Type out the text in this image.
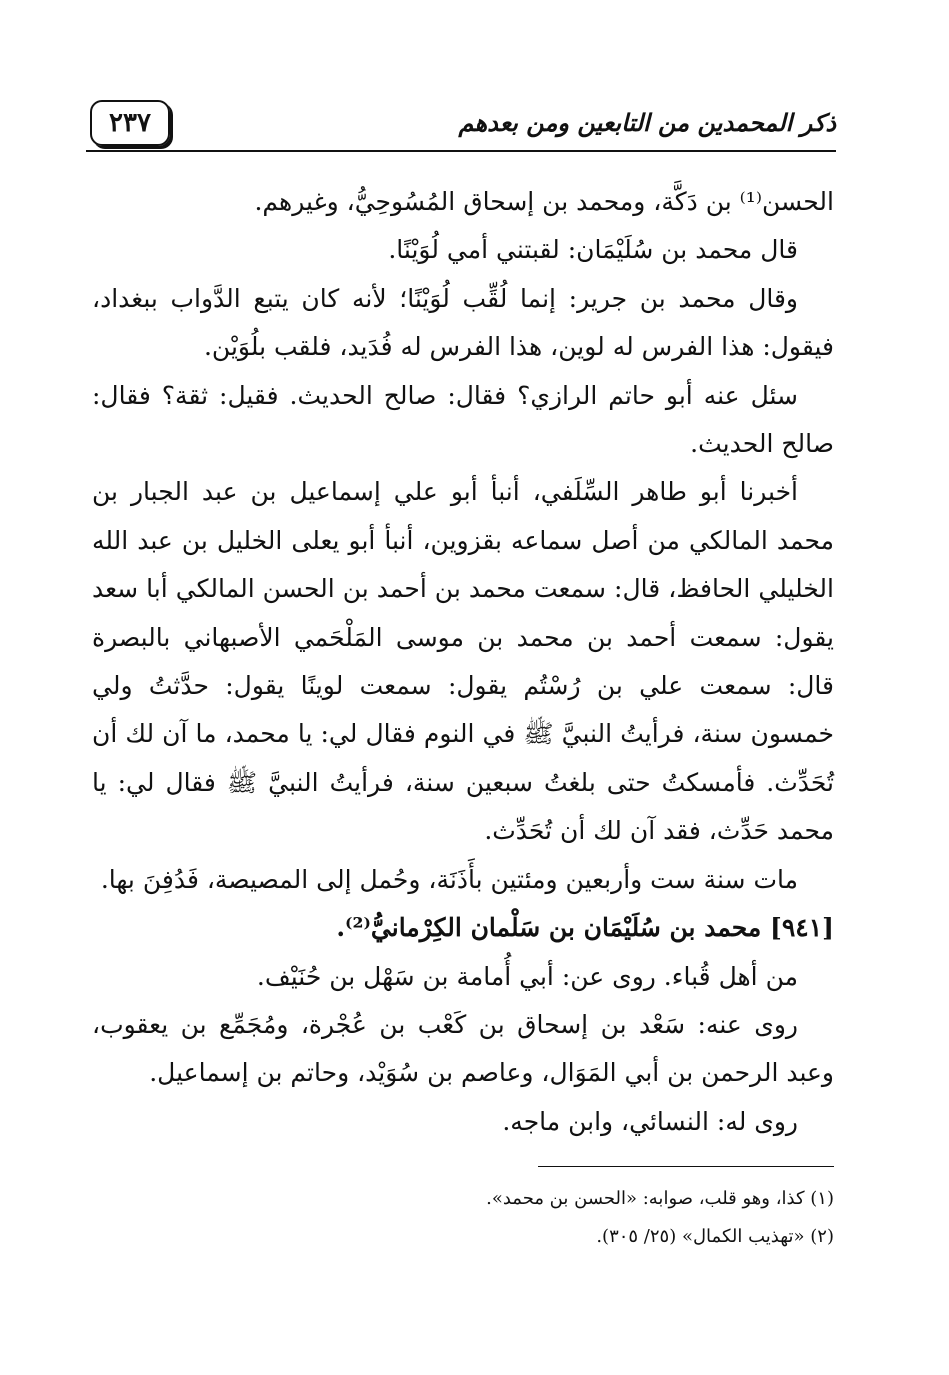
٢٣٧	ذكر المحمدين من التابعين ومن بعدهم

الحسن⁽¹⁾ بن دَكَّة، ومحمد بن إسحاق المُسُوحِيُّ، وغيرهم.

قال محمد بن سُلَيْمَان: لقبتني أمي لُوَيْنًا.

وقال محمد بن جرير: إنما لُقِّب لُوَيْنًا؛ لأنه كان يتبع الدَّواب ببغداد، فيقول: هذا الفرس له لوين، هذا الفرس له فُدَيد، فلقب بلُوَيْن.

سئل عنه أبو حاتم الرازي؟ فقال: صالح الحديث. فقيل: ثقة؟ فقال: صالح الحديث.

أخبرنا أبو طاهر السِّلَفي، أنبأ أبو علي إسماعيل بن عبد الجبار بن محمد المالكي من أصل سماعه بقزوين، أنبأ أبو يعلى الخليل بن عبد الله الخليلي الحافظ، قال: سمعت محمد بن أحمد بن الحسن المالكي أبا سعد يقول: سمعت أحمد بن محمد بن موسى المَلْحَمي الأصبهاني بالبصرة قال: سمعت علي بن رُسْتُم يقول: سمعت لوينًا يقول: حدَّثتُ ولي خمسون سنة، فرأيتُ النبيَّ ﷺ في النوم فقال لي: يا محمد، ما آن لك أن تُحَدِّث. فأمسكتُ حتى بلغتُ سبعين سنة، فرأيتُ النبيَّ ﷺ فقال لي: يا محمد حَدِّث، فقد آن لك أن تُحَدِّث.

مات سنة ست وأربعين ومئتين بأَذَنَة، وحُمل إلى المصيصة، فَدُفِنَ بها.

[٩٤١] محمد بن سُلَيْمَان بن سَلْمان الكِرْمانيُّ⁽²⁾.

من أهل قُباء. روى عن: أبي أُمامة بن سَهْل بن حُنَيْف.

روى عنه: سَعْد بن إسحاق بن كَعْب بن عُجْرة، ومُجَمِّع بن يعقوب، وعبد الرحمن بن أبي المَوَال، وعاصم بن سُوَيْد، وحاتم بن إسماعيل.

روى له: النسائي، وابن ماجه.

(١) كذا، وهو قلب، صوابه: «الحسن بن محمد».

(٢) «تهذيب الكمال» (٢٥/ ٣٠٥).
